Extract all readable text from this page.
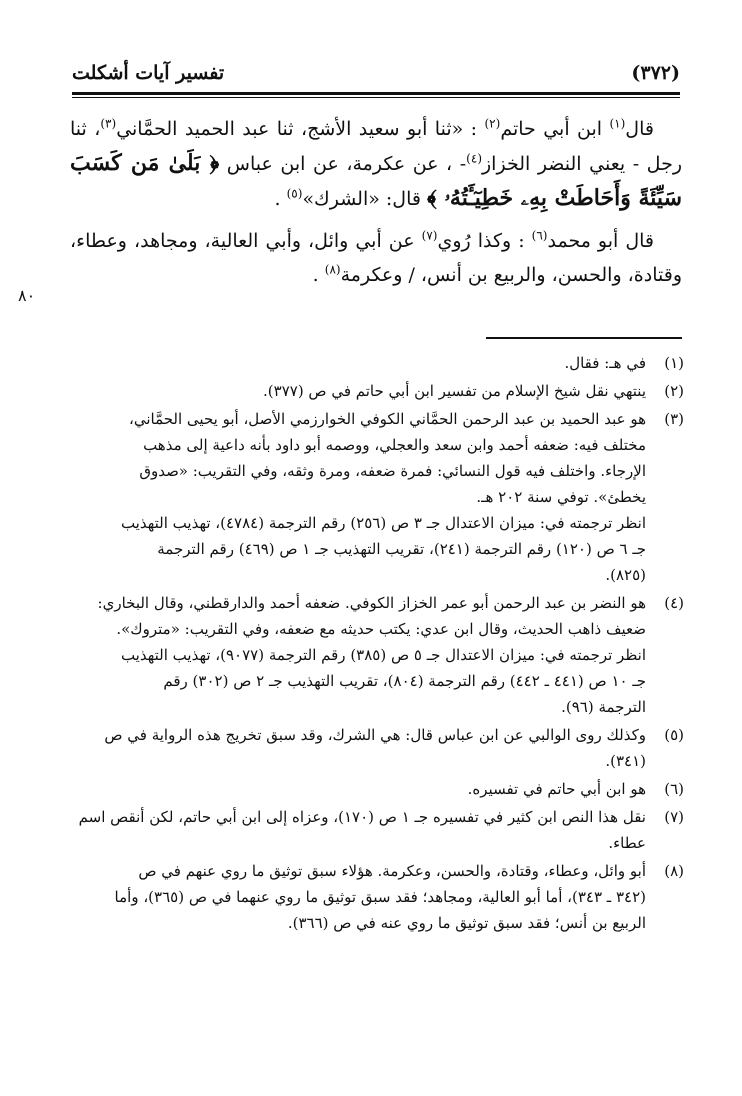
(٣٧٢)
تفسير آيات أشكلت

قال$^{(١)}$ ابن أبي حاتم$^{(٢)}$ : «ثنا أبو سعيد الأشج، ثنا عبد الحميد الحمَّاني$^{(٣)}$، ثنا رجل - يعني النضر الخزاز$^{(٤)}$- ، عن عكرمة، عن ابن عباس ﴿ بَلَىٰ مَن كَسَبَ سَيِّئَةً وَأَحَاطَتْ بِهِۦ خَطِيٓـَٔتُهُۥ ﴾ قال: «الشرك»$^{(٥)}$ .

قال أبو محمد$^{(٦)}$ : وكذا رُوي$^{(٧)}$ عن أبي وائل، وأبي العالية، ومجاهد، وعطاء، وقتادة، والحسن، والربيع بن أنس، / وعكرمة$^{(٨)}$ .

٨٠
(١)
في هـ: فقال.
(٢)
ينتهي نقل شيخ الإسلام من تفسير ابن أبي حاتم في ص (٣٧٧).
(٣)
هو عبد الحميد بن عبد الرحمن الحمَّاني الكوفي الخوارزمي الأصل، أبو يحيى الحمَّاني،
مختلف فيه: ضعفه أحمد وابن سعد والعجلي، ووصمه أبو داود بأنه داعية إلى مذهب
الإرجاء. واختلف فيه قول النسائي: فمرة ضعفه، ومرة وثقه، وفي التقريب: «صدوق
يخطئ». توفي سنة ٢٠٢ هـ.
انظر ترجمته في: ميزان الاعتدال جـ ٣ ص (٢٥٦) رقم الترجمة (٤٧٨٤)، تهذيب التهذيب
جـ ٦ ص (١٢٠) رقم الترجمة (٢٤١)، تقريب التهذيب جـ ١ ص (٤٦٩) رقم الترجمة
(٨٢٥).
(٤)
هو النضر بن عبد الرحمن أبو عمر الخزاز الكوفي. ضعفه أحمد والدارقطني، وقال البخاري:
ضعيف ذاهب الحديث، وقال ابن عدي: يكتب حديثه مع ضعفه، وفي التقريب: «متروك».
انظر ترجمته في: ميزان الاعتدال جـ ٥ ص (٣٨٥) رقم الترجمة (٩٠٧٧)، تهذيب التهذيب
جـ ١٠ ص (٤٤١ ـ ٤٤٢) رقم الترجمة (٨٠٤)، تقريب التهذيب جـ ٢ ص (٣٠٢) رقم
الترجمة (٩٦).
(٥)
وكذلك روى الوالبي عن ابن عباس قال: هي الشرك، وقد سبق تخريج هذه الرواية في ص
(٣٤١).
(٦)
هو ابن أبي حاتم في تفسيره.
(٧)
نقل هذا النص ابن كثير في تفسيره جـ ١ ص (١٧٠)، وعزاه إلى ابن أبي حاتم، لكن أنقص اسم
عطاء.
(٨)
أبو وائل، وعطاء، وقتادة، والحسن، وعكرمة. هؤلاء سبق توثيق ما روي عنهم في ص
(٣٤٢ ـ ٣٤٣)، أما أبو العالية، ومجاهد؛ فقد سبق توثيق ما روي عنهما في ص (٣٦٥)، وأما
الربيع بن أنس؛ فقد سبق توثيق ما روي عنه في ص (٣٦٦).
